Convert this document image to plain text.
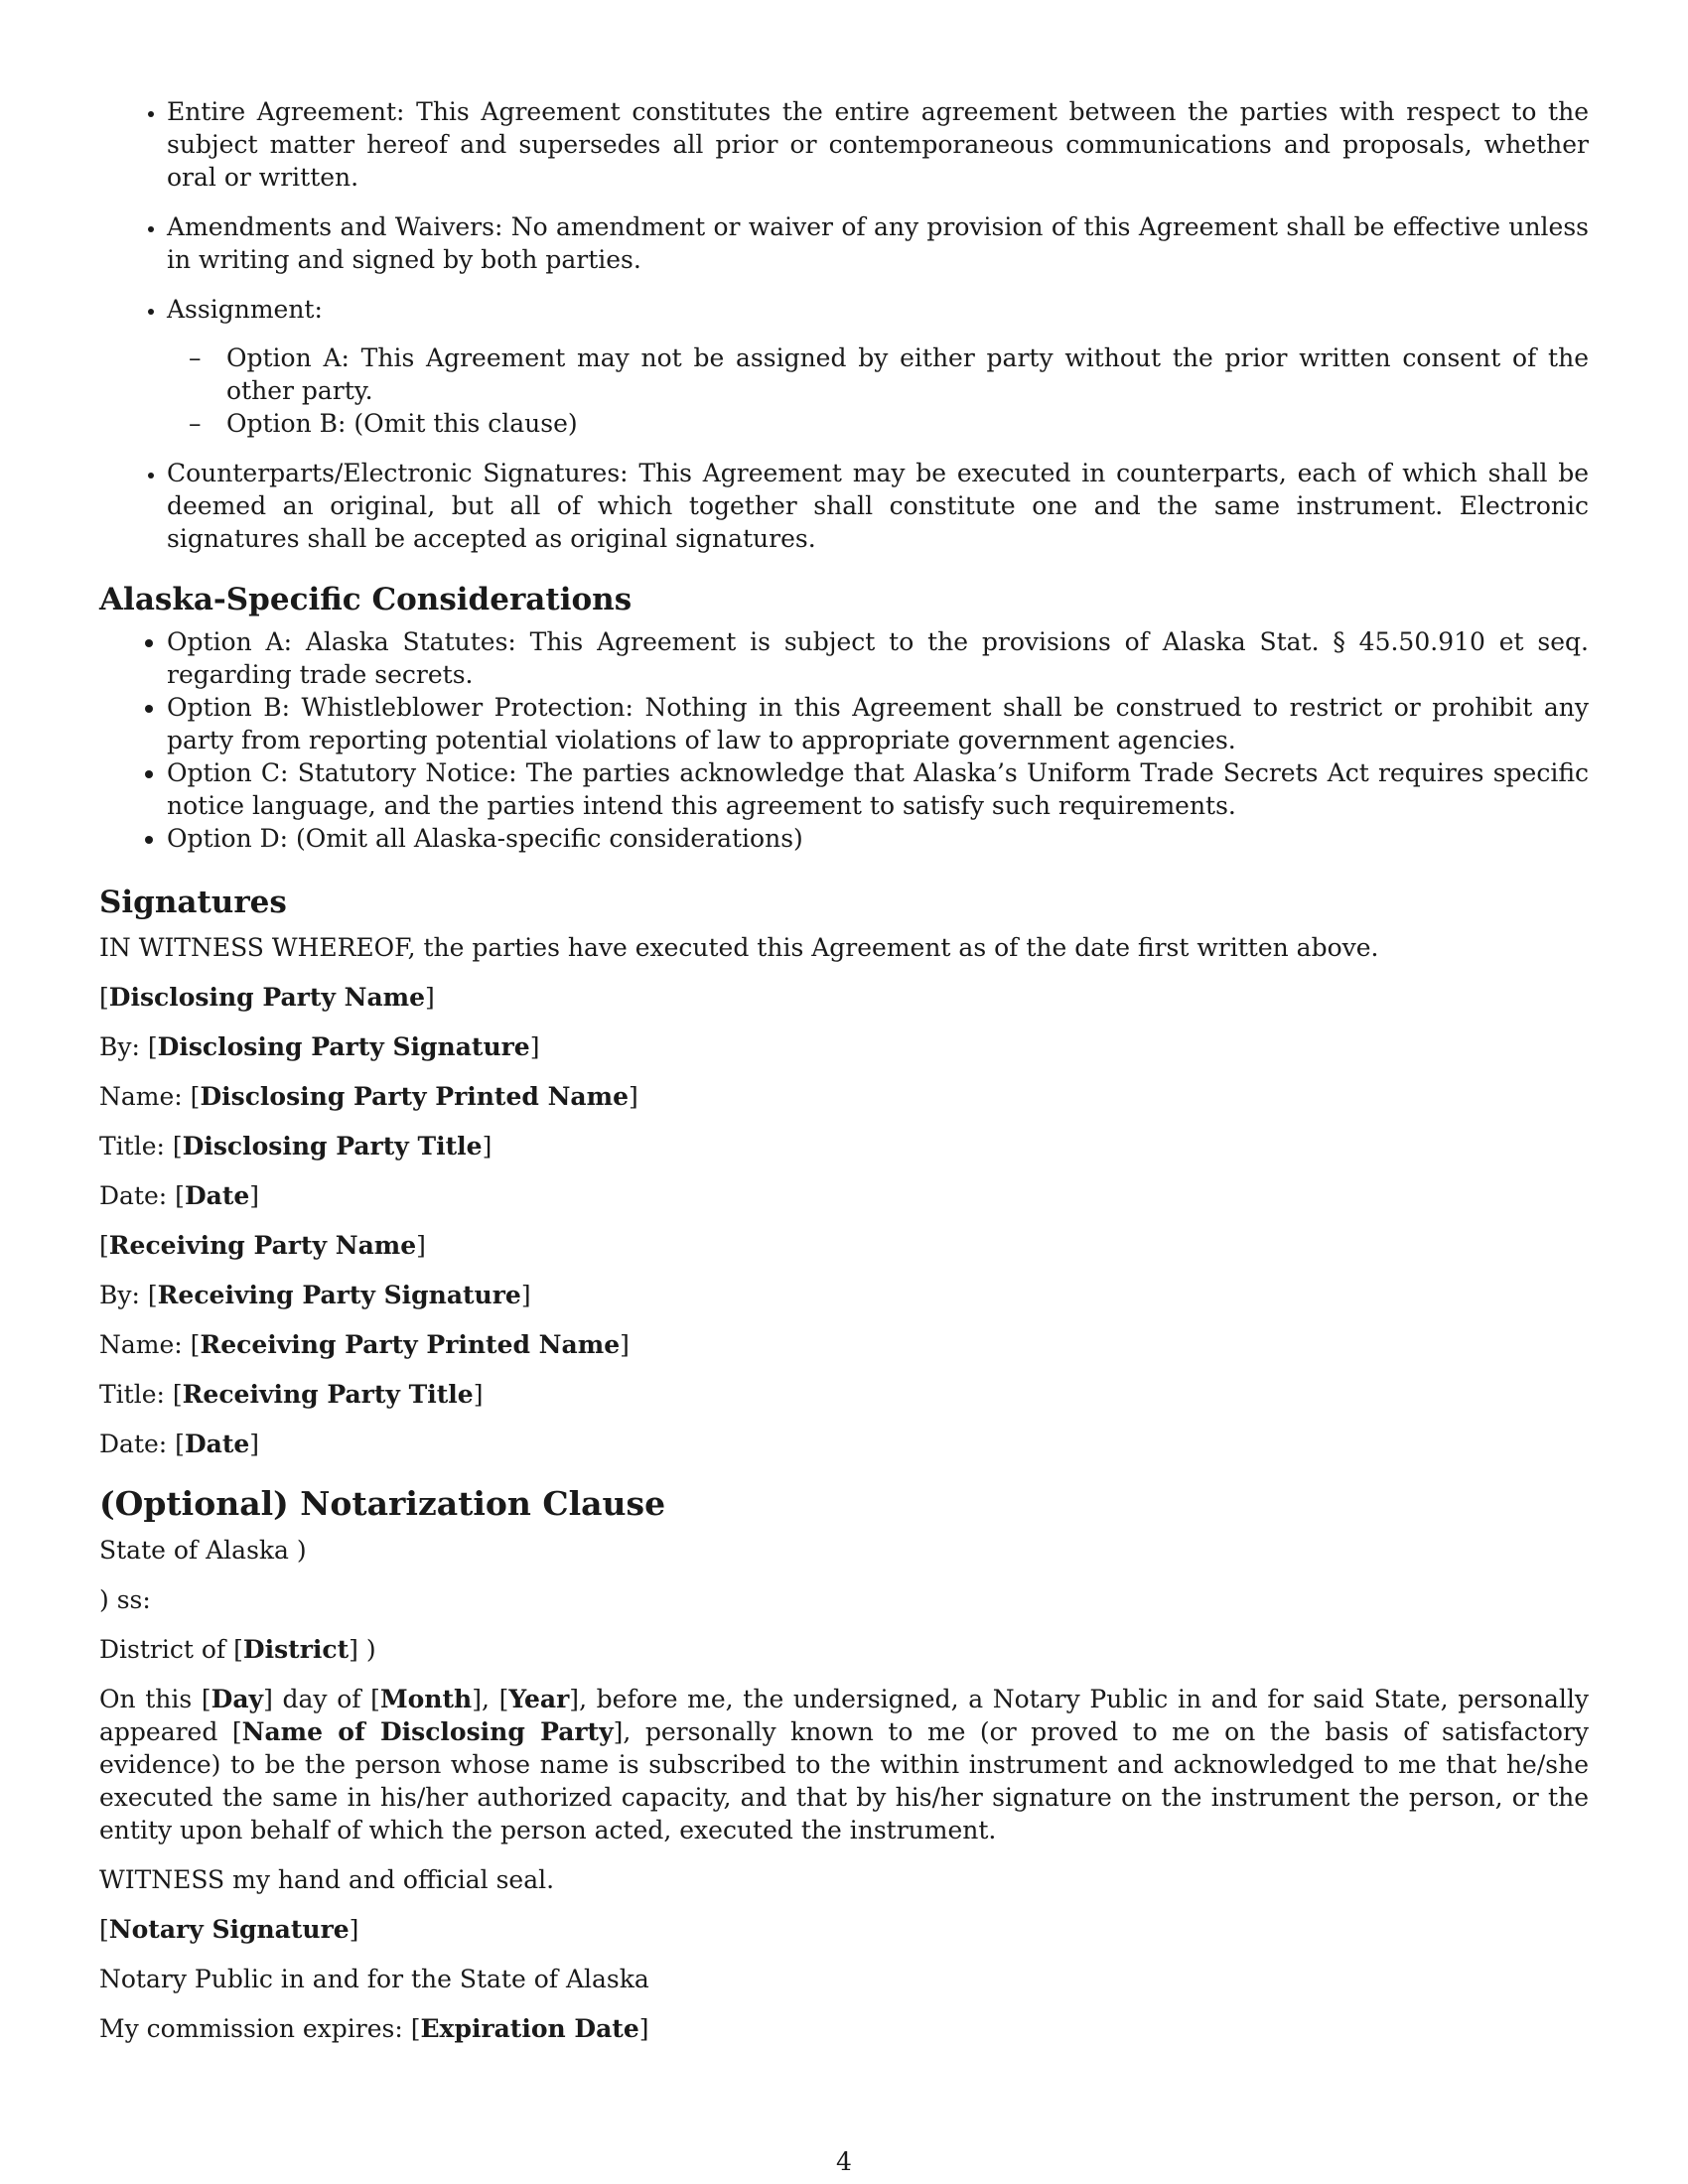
• Entire Agreement: This Agreement constitutes the entire agreement between the parties with respect to the subject matter hereof and supersedes all prior or contemporaneous communications and proposals, whether oral or written.
• Amendments and Waivers: No amendment or waiver of any provision of this Agreement shall be effective unless in writing and signed by both parties.
• Assignment:
– Option A: This Agreement may not be assigned by either party without the prior written consent of the other party.
– Option B: (Omit this clause)
• Counterparts/Electronic Signatures: This Agreement may be executed in counterparts, each of which shall be deemed an original, but all of which together shall constitute one and the same instrument. Electronic signatures shall be accepted as original signatures.
Alaska-Specific Considerations
• Option A: Alaska Statutes: This Agreement is subject to the provisions of Alaska Stat. § 45.50.910 et seq. regarding trade secrets.
• Option B: Whistleblower Protection: Nothing in this Agreement shall be construed to restrict or prohibit any party from reporting potential violations of law to appropriate government agencies.
• Option C: Statutory Notice: The parties acknowledge that Alaska’s Uniform Trade Secrets Act requires specific notice language, and the parties intend this agreement to satisfy such requirements.
• Option D: (Omit all Alaska-specific considerations)
Signatures

IN WITNESS WHEREOF, the parties have executed this Agreement as of the date first written above.

[Disclosing Party Name]

By: [Disclosing Party Signature]

Name: [Disclosing Party Printed Name]

Title: [Disclosing Party Title]

Date: [Date]

[Receiving Party Name]

By: [Receiving Party Signature]

Name: [Receiving Party Printed Name]

Title: [Receiving Party Title]

Date: [Date]

(Optional) Notarization Clause

State of Alaska )

) ss:

District of [District] )

On this [Day] day of [Month], [Year], before me, the undersigned, a Notary Public in and for said State, personally appeared [Name of Disclosing Party], personally known to me (or proved to me on the basis of satisfactory evidence) to be the person whose name is subscribed to the within instrument and acknowledged to me that he/she executed the same in his/her authorized capacity, and that by his/her signature on the instrument the person, or the entity upon behalf of which the person acted, executed the instrument.

WITNESS my hand and official seal.

[Notary Signature]

Notary Public in and for the State of Alaska

My commission expires: [Expiration Date]

4
